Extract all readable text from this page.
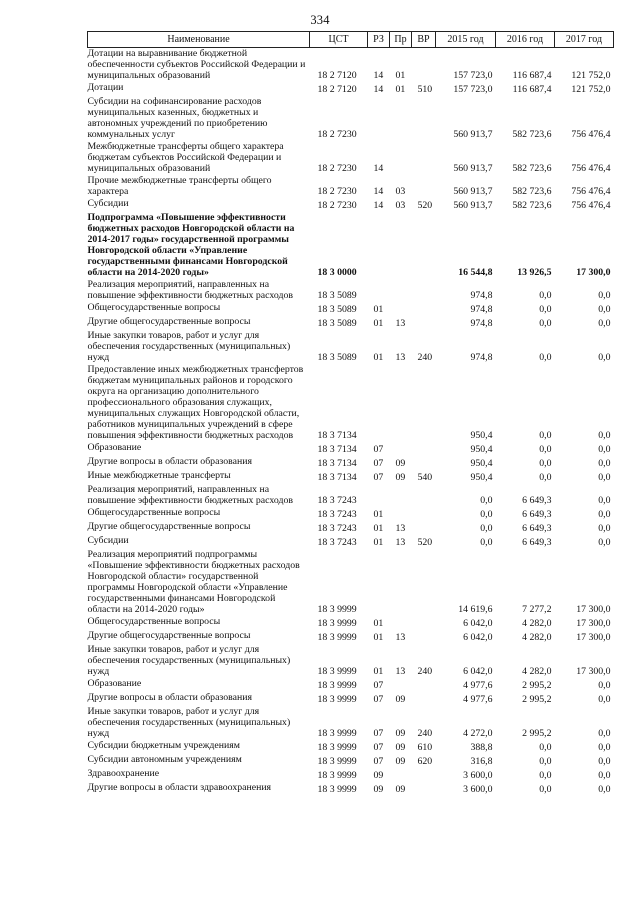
334
Наименование	ЦСТ	РЗ	Пр	ВР	2015 год	2016 год	2017 год
Дотации на выравнивание бюджетной обеспеченности субъектов Российской Федерации и муниципальных образований	18 2 7120	14	01		157 723,0	116 687,4	121 752,0
Дотации	18 2 7120	14	01	510	157 723,0	116 687,4	121 752,0
Субсидии на софинансирование расходов муниципальных казенных, бюджетных и автономных учреждений по приобретению коммунальных услуг	18 2 7230				560 913,7	582 723,6	756 476,4
Межбюджетные трансферты общего характера бюджетам субъектов Российской Федерации и муниципальных образований	18 2 7230	14			560 913,7	582 723,6	756 476,4
Прочие межбюджетные трансферты общего характера	18 2 7230	14	03		560 913,7	582 723,6	756 476,4
Субсидии	18 2 7230	14	03	520	560 913,7	582 723,6	756 476,4
Подпрограмма «Повышение эффективности бюджетных расходов Новгородской области на 2014-2017 годы» государственной программы Новгородской области «Управление государственными финансами Новгородской области на 2014-2020 годы»	18 3 0000				16 544,8	13 926,5	17 300,0
Реализация мероприятий, направленных на повышение эффективности бюджетных расходов	18 3 5089				974,8	0,0	0,0
Общегосударственные вопросы	18 3 5089	01			974,8	0,0	0,0
Другие общегосударственные вопросы	18 3 5089	01	13		974,8	0,0	0,0
Иные закупки товаров, работ и услуг для обеспечения государственных (муниципальных) нужд	18 3 5089	01	13	240	974,8	0,0	0,0
Предоставление иных межбюджетных трансфертов бюджетам муниципальных районов и городского округа на организацию дополнительного профессионального образования служащих, муниципальных служащих Новгородской области, работников муниципальных учреждений в сфере повышения эффективности бюджетных расходов	18 3 7134				950,4	0,0	0,0
Образование	18 3 7134	07			950,4	0,0	0,0
Другие вопросы в области образования	18 3 7134	07	09		950,4	0,0	0,0
Иные межбюджетные трансферты	18 3 7134	07	09	540	950,4	0,0	0,0
Реализация мероприятий, направленных на повышение эффективности бюджетных расходов	18 3 7243				0,0	6 649,3	0,0
Общегосударственные вопросы	18 3 7243	01			0,0	6 649,3	0,0
Другие общегосударственные вопросы	18 3 7243	01	13		0,0	6 649,3	0,0
Субсидии	18 3 7243	01	13	520	0,0	6 649,3	0,0
Реализация мероприятий подпрограммы «Повышение эффективности бюджетных расходов Новгородской области» государственной программы Новгородской области «Управление государственными финансами Новгородской области на 2014-2020 годы»	18 3 9999				14 619,6	7 277,2	17 300,0
Общегосударственные вопросы	18 3 9999	01			6 042,0	4 282,0	17 300,0
Другие общегосударственные вопросы	18 3 9999	01	13		6 042,0	4 282,0	17 300,0
Иные закупки товаров, работ и услуг для обеспечения государственных (муниципальных) нужд	18 3 9999	01	13	240	6 042,0	4 282,0	17 300,0
Образование	18 3 9999	07			4 977,6	2 995,2	0,0
Другие вопросы в области образования	18 3 9999	07	09		4 977,6	2 995,2	0,0
Иные закупки товаров, работ и услуг для обеспечения государственных (муниципальных) нужд	18 3 9999	07	09	240	4 272,0	2 995,2	0,0
Субсидии бюджетным учреждениям	18 3 9999	07	09	610	388,8	0,0	0,0
Субсидии автономным учреждениям	18 3 9999	07	09	620	316,8	0,0	0,0
Здравоохранение	18 3 9999	09			3 600,0	0,0	0,0
Другие вопросы в области здравоохранения	18 3 9999	09	09		3 600,0	0,0	0,0
